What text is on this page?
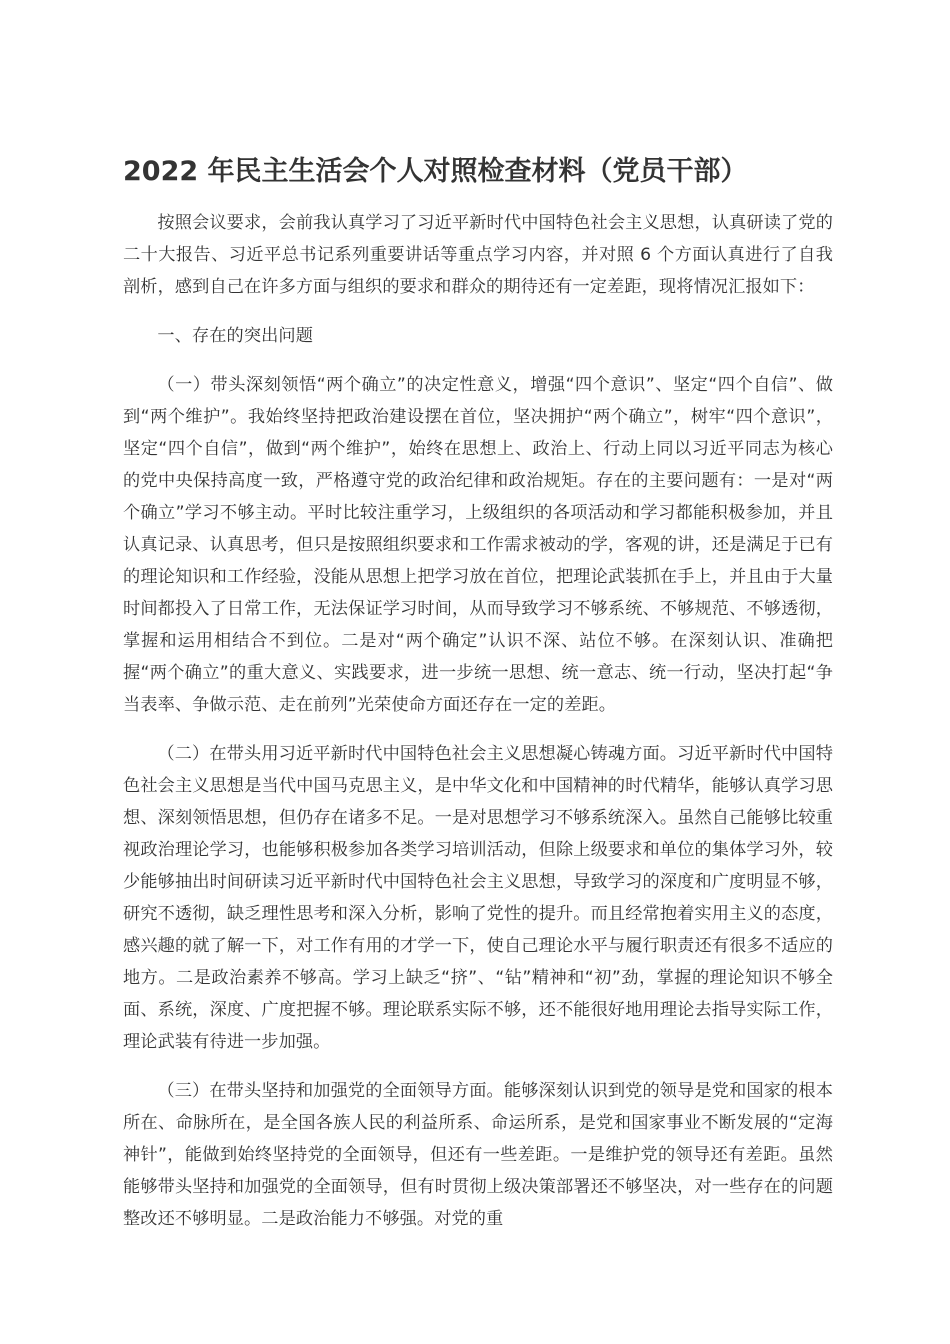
2022 年民主生活会个人对照检查材料（党员干部）

按照会议要求，会前我认真学习了习近平新时代中国特色社会主义思想，认真研读了党的二十大报告、习近平总书记系列重要讲话等重点学习内容，并对照 6 个方面认真进行了自我剖析，感到自己在许多方面与组织的要求和群众的期待还有一定差距，现将情况汇报如下：

一、存在的突出问题

（一）带头深刻领悟“两个确立”的决定性意义，增强“四个意识”、坚定“四个自信”、做到“两个维护”。我始终坚持把政治建设摆在首位，坚决拥护“两个确立”，树牢“四个意识”，坚定“四个自信”，做到“两个维护”，始终在思想上、政治上、行动上同以习近平同志为核心的党中央保持高度一致，严格遵守党的政治纪律和政治规矩。存在的主要问题有：一是对“两个确立”学习不够主动。平时比较注重学习，上级组织的各项活动和学习都能积极参加，并且认真记录、认真思考，但只是按照组织要求和工作需求被动的学，客观的讲，还是满足于已有的理论知识和工作经验，没能从思想上把学习放在首位，把理论武装抓在手上，并且由于大量时间都投入了日常工作，无法保证学习时间，从而导致学习不够系统、不够规范、不够透彻，掌握和运用相结合不到位。二是对“两个确定”认识不深、站位不够。在深刻认识、准确把握“两个确立”的重大意义、实践要求，进一步统一思想、统一意志、统一行动，坚决打起“争当表率、争做示范、走在前列”光荣使命方面还存在一定的差距。

（二）在带头用习近平新时代中国特色社会主义思想凝心铸魂方面。习近平新时代中国特色社会主义思想是当代中国马克思主义，是中华文化和中国精神的时代精华，能够认真学习思想、深刻领悟思想，但仍存在诸多不足。一是对思想学习不够系统深入。虽然自己能够比较重视政治理论学习，也能够积极参加各类学习培训活动，但除上级要求和单位的集体学习外，较少能够抽出时间研读习近平新时代中国特色社会主义思想，导致学习的深度和广度明显不够，研究不透彻，缺乏理性思考和深入分析，影响了党性的提升。而且经常抱着实用主义的态度，感兴趣的就了解一下，对工作有用的才学一下，使自己理论水平与履行职责还有很多不适应的地方。二是政治素养不够高。学习上缺乏“挤”、“钻”精神和“初”劲，掌握的理论知识不够全面、系统，深度、广度把握不够。理论联系实际不够，还不能很好地用理论去指导实际工作，理论武装有待进一步加强。

（三）在带头坚持和加强党的全面领导方面。能够深刻认识到党的领导是党和国家的根本所在、命脉所在，是全国各族人民的利益所系、命运所系，是党和国家事业不断发展的“定海神针”，能做到始终坚持党的全面领导，但还有一些差距。一是维护党的领导还有差距。虽然能够带头坚持和加强党的全面领导，但有时贯彻上级决策部署还不够坚决，对一些存在的问题整改还不够明显。二是政治能力不够强。对党的重
